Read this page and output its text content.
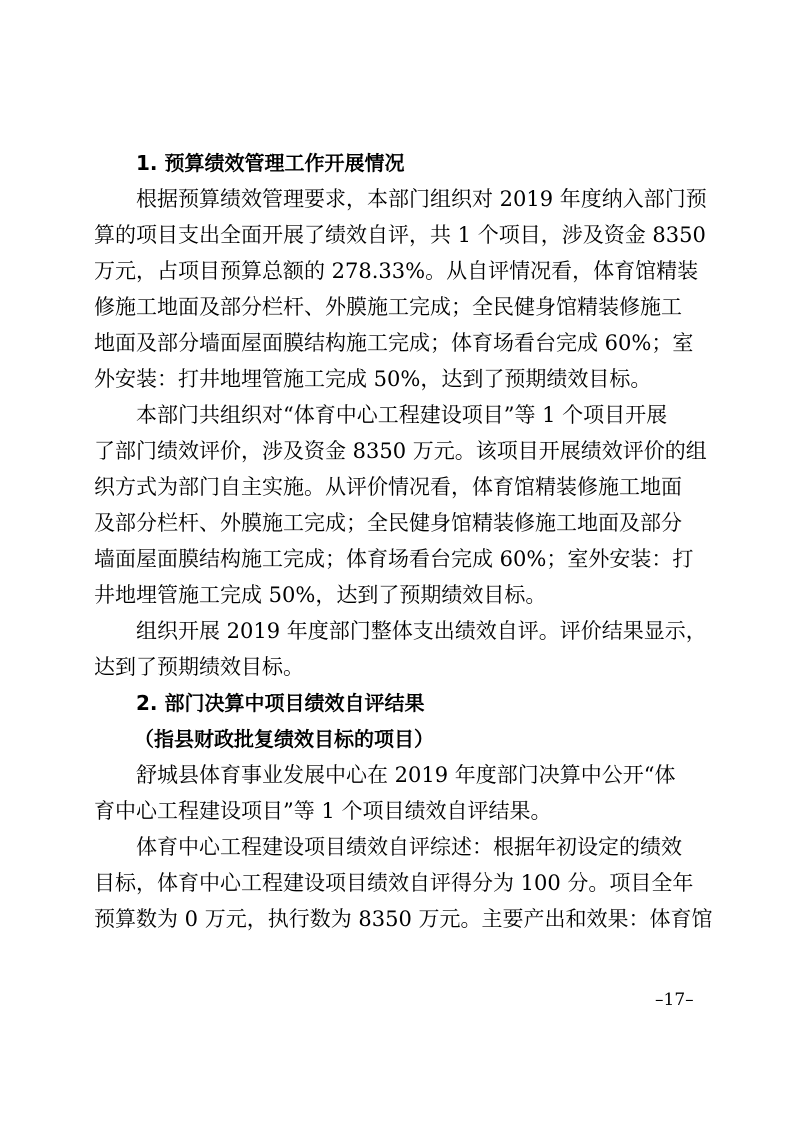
1. 预算绩效管理工作开展情况
根据预算绩效管理要求，本部门组织对 2019 年度纳入部门预
算的项目支出全面开展了绩效自评，共 1 个项目，涉及资金 8350
万元，占项目预算总额的 278.33%。从自评情况看，体育馆精装
修施工地面及部分栏杆、外膜施工完成；全民健身馆精装修施工
地面及部分墙面屋面膜结构施工完成；体育场看台完成 60%；室
外安装：打井地埋管施工完成 50%，达到了预期绩效目标。
本部门共组织对“体育中心工程建设项目”等 1 个项目开展
了部门绩效评价，涉及资金 8350 万元。该项目开展绩效评价的组
织方式为部门自主实施。从评价情况看，体育馆精装修施工地面
及部分栏杆、外膜施工完成；全民健身馆精装修施工地面及部分
墙面屋面膜结构施工完成；体育场看台完成 60%；室外安装：打
井地埋管施工完成 50%，达到了预期绩效目标。
组织开展 2019 年度部门整体支出绩效自评。评价结果显示，
达到了预期绩效目标。
2. 部门决算中项目绩效自评结果
（指县财政批复绩效目标的项目）
舒城县体育事业发展中心在 2019 年度部门决算中公开“体
育中心工程建设项目”等 1 个项目绩效自评结果。
体育中心工程建设项目绩效自评综述：根据年初设定的绩效
目标，体育中心工程建设项目绩效自评得分为 100 分。项目全年
预算数为 0 万元，执行数为 8350 万元。主要产出和效果：体育馆
–17–
